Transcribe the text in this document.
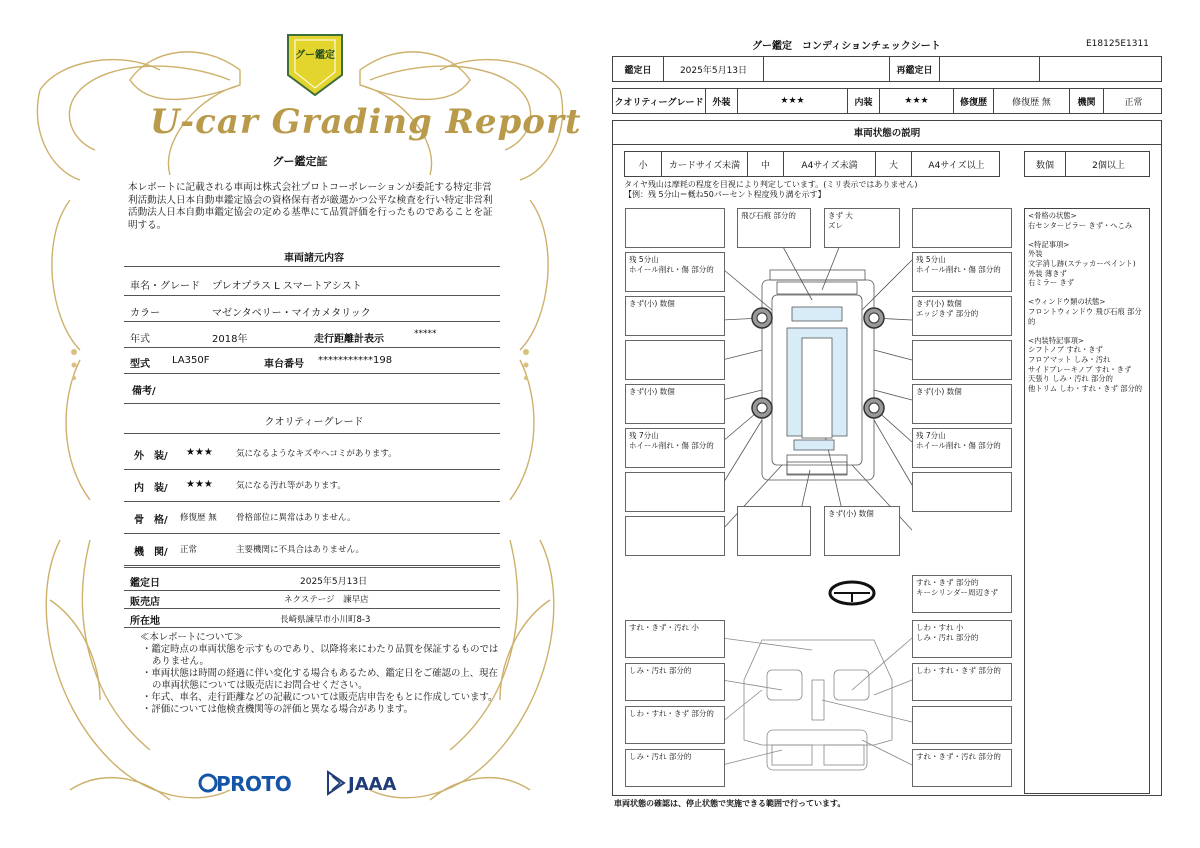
グー鑑定
U-car Grading Report
グー鑑定証
本レポートに記載される車両は株式会社プロトコーポレーションが委託する特定非営利活動法人日本自動車鑑定協会の資格保有者が厳選かつ公平な検査を行い特定非営利活動法人日本自動車鑑定協会の定める基準にて品質評価を行ったものであることを証明する。
車両諸元内容
車名・グレード プレオプラス L スマートアシスト
カラー	マゼンタベリー・マイカメタリック
年式	2018年	走行距離計表示	*****
型式 LA350F	車台番号 ***********198
備考/
クオリティーグレード
外　装/ ★★★	気になるようなキズやヘコミがあります。
内　装/ ★★★	気になる汚れ等があります。
骨　格/ 修復歴 無 骨格部位に異常はありません。
機　関/ 正常	主要機関に不具合はありません。
鑑定日	2025年5月13日
販売店	ネクステージ　諫早店
所在地	長崎県諫早市小川町8-3
≪本レポートについて≫
・鑑定時点の車両状態を示すものであり、以降将来にわたり品質を保証するものではありません。
・車両状態は時間の経過に伴い変化する場合もあるため、鑑定日をご確認の上、現在の車両状態については販売店にお問合せください。
・年式、車名、走行距離などの記載については販売店申告をもとに作成しています。
・評価については他検査機関等の評価と異なる場合があります。
PROTO	JAAA
グー鑑定　コンディションチェックシート	E18125E1311
鑑定日	2025年5月13日	再鑑定日
クオリティーグレード 外装	★★★	内装	★★★	修復歴	修復歴 無	機関	正常
車両状態の説明
小	カードサイズ未満	中	A4サイズ未満	大	A4サイズ以上	数個	2個以上
タイヤ残山は摩耗の程度を目視により判定しています。(ミリ表示ではありません)
【例：残 5分山＝概ね50パーセント程度残り溝を示す】
飛び石痕 部分的	きず 大
ズレ
残 5分山
ホイール削れ・傷 部分的
残 5分山
ホイール削れ・傷 部分的
きず(小) 数個	きず(小) 数個
エッジきず 部分的
きず(小) 数個	きず(小) 数個
残 7分山
ホイール削れ・傷 部分的
残 7分山
ホイール削れ・傷 部分的
きず(小) 数個
すれ・きず 部分的
キーシリンダー周辺きず
すれ・きず・汚れ 小	しわ・すれ 小
しみ・汚れ 部分的
しみ・汚れ 部分的	しわ・すれ・きず 部分的
しわ・すれ・きず 部分的
しみ・汚れ 部分的	すれ・きず・汚れ 部分的
<骨格の状態>
右センターピラー きず・へこみ
<特記事項>
外装
文字消し跡(ステッカーペイント)
外装 薄きず
右ミラー きず
<ウィンドウ類の状態>
フロントウィンドウ 飛び石痕 部分的
<内装特記事項>
シフトノブ すれ・きず
フロアマット しみ・汚れ
サイドブレーキノブ すれ・きず
天張り しみ・汚れ 部分的
他トリム しわ・すれ・きず 部分的
車両状態の確認は、停止状態で実施できる範囲で行っています。
